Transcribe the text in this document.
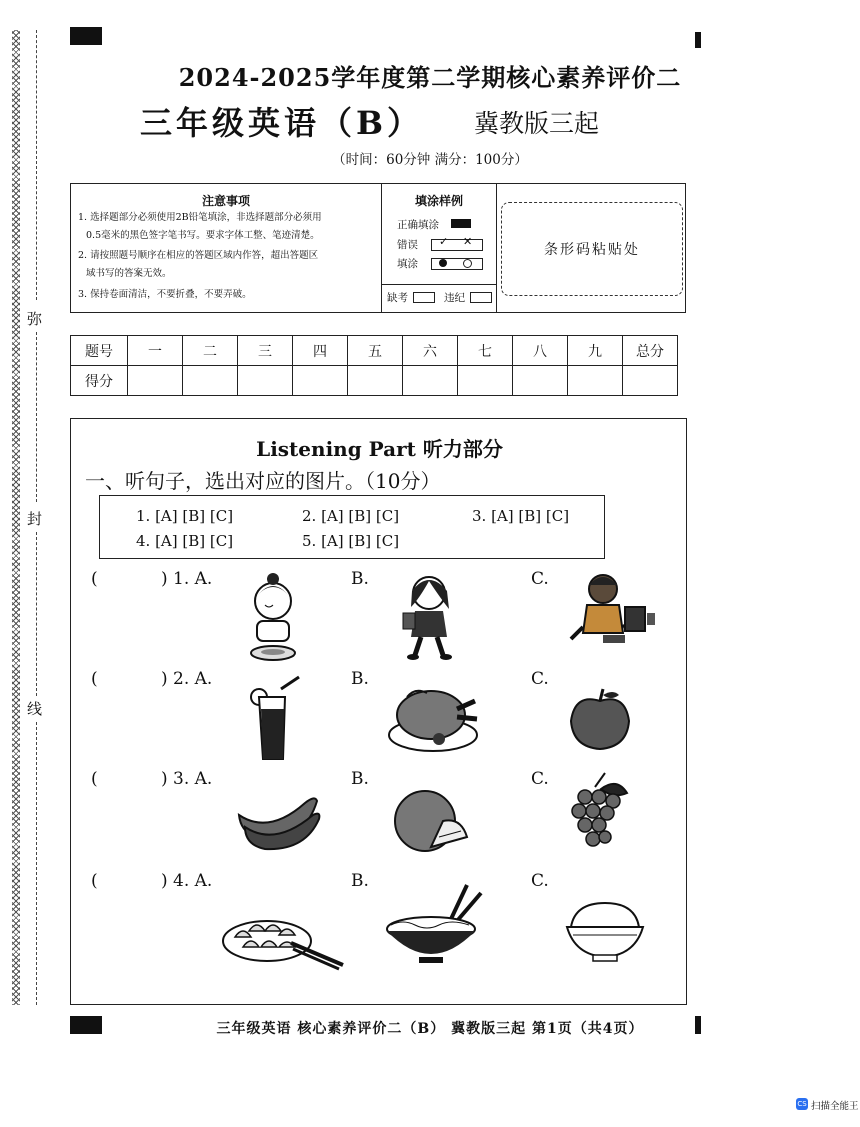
弥
封
线
2024-2025学年度第二学期核心素养评价二
三年级英语（B） 冀教版三起
（时间：60分钟 满分：100分）
注意事项
1. 选择题部分必须使用2B铅笔填涂，非选择题部分必须用
0.5毫米的黑色签字笔书写。要求字体工整、笔迹清楚。
2. 请按照题号顺序在相应的答题区域内作答，超出答题区
域书写的答案无效。
3. 保持卷面清洁，不要折叠，不要弄破。
填涂样例
正确填涂
错误
填涂
✓ ✕
缺考	违纪
条形码粘贴处
题号	一	二	三	四	五	六	七	八	九	总分
得分										
Listening Part 听力部分
一、听句子，选出对应的图片。（10分）
1. [A] [B] [C]	2. [A] [B] [C]	3. [A] [B] [C]
4. [A] [B] [C]	5. [A] [B] [C]
(	) 1. A.	B.	C.
(	) 2. A.	B.	C.
(	) 3. A.	B.	C.
(	) 4. A.	B.	C.
三年级英语 核心素养评价二（B） 冀教版三起 第1页（共4页）
CS 扫描全能王
